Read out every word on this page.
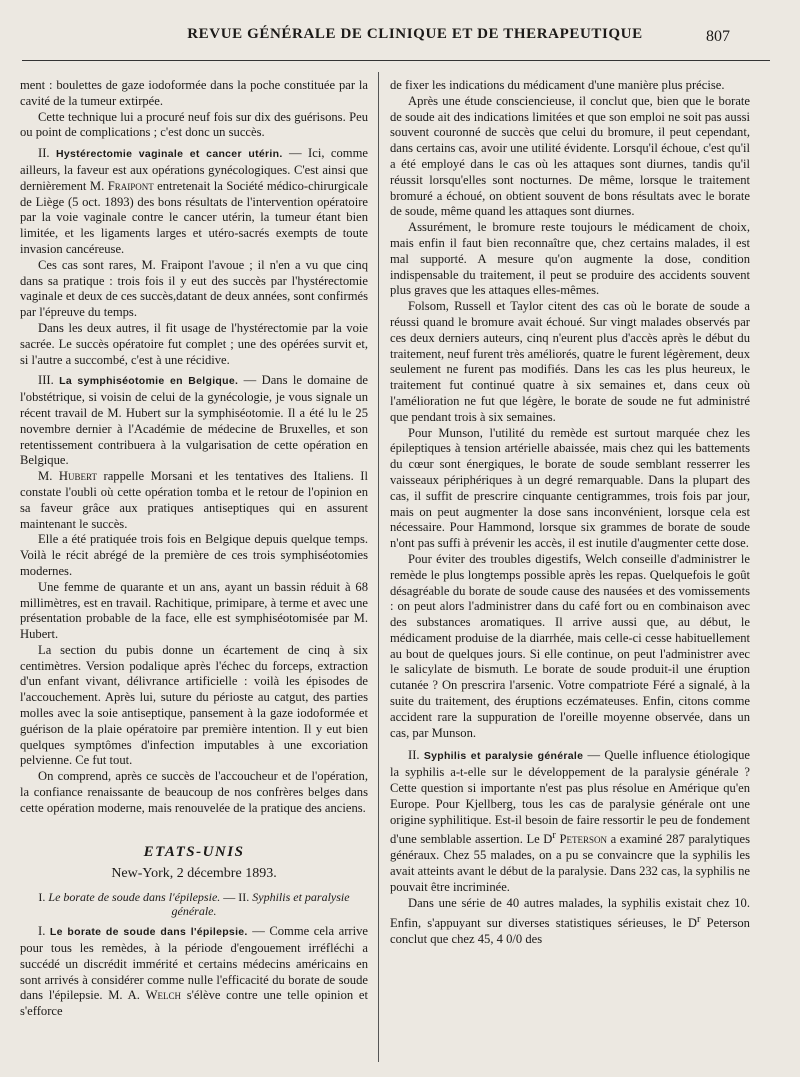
REVUE GÉNÉRALE DE CLINIQUE ET DE THERAPEUTIQUE	807

ment : boulettes de gaze iodoformée dans la poche constituée par la cavité de la tumeur extirpée.

Cette technique lui a procuré neuf fois sur dix des guérisons. Peu ou point de complications ; c'est donc un succès.

II. Hystérectomie vaginale et cancer utérin. — Ici, comme ailleurs, la faveur est aux opérations gynécologiques. C'est ainsi que dernièrement M. Fraipont entretenait la Société médico-chirurgicale de Liège (5 oct. 1893) des bons résultats de l'intervention opératoire par la voie vaginale contre le cancer utérin, la tumeur étant bien limitée, et les ligaments larges et utéro-sacrés exempts de toute invasion cancéreuse.

Ces cas sont rares, M. Fraipont l'avoue ; il n'en a vu que cinq dans sa pratique : trois fois il y eut des succès par l'hystérectomie vaginale et deux de ces succès,datant de deux années, sont confirmés par l'épreuve du temps.

Dans les deux autres, il fit usage de l'hystérectomie par la voie sacrée. Le succès opératoire fut complet ; une des opérées survit et, si l'autre a succombé, c'est à une récidive.

III. La symphiséotomie en Belgique. — Dans le domaine de l'obstétrique, si voisin de celui de la gynécologie, je vous signale un récent travail de M. Hubert sur la symphiséotomie. Il a été lu le 25 novembre dernier à l'Académie de médecine de Bruxelles, et son retentissement contribuera à la vulgarisation de cette opération en Belgique.

M. Hubert rappelle Morsani et les tentatives des Italiens. Il constate l'oubli où cette opération tomba et le retour de l'opinion en sa faveur grâce aux pratiques antiseptiques qui en assurent maintenant le succès.

Elle a été pratiquée trois fois en Belgique depuis quelque temps. Voilà le récit abrégé de la première de ces trois symphiséotomies modernes.

Une femme de quarante et un ans, ayant un bassin réduit à 68 millimètres, est en travail. Rachitique, primipare, à terme et avec une présentation probable de la face, elle est symphiséotomisée par M. Hubert.

La section du pubis donne un écartement de cinq à six centimètres. Version podalique après l'échec du forceps, extraction d'un enfant vivant, délivrance artificielle : voilà les épisodes de l'accouchement. Après lui, suture du périoste au catgut, des parties molles avec la soie antiseptique, pansement à la gaze iodoformée et guérison de la plaie opératoire par première intention. Il y eut bien quelques symptômes d'infection imputables à une excoriation pelvienne. Ce fut tout.

On comprend, après ce succès de l'accoucheur et de l'opération, la confiance renaissante de beaucoup de nos confrères belges dans cette opération moderne, mais renouvelée de la pratique des anciens.

ETATS-UNIS
New-York, 2 décembre 1893.
I. Le borate de soude dans l'épilepsie. — II. Syphilis et paralysie générale.

I. Le borate de soude dans l'épilepsie. — Comme cela arrive pour tous les remèdes, à la période d'engouement irréfléchi a succédé un discrédit immérité et certains médecins américains en sont arrivés à considérer comme nulle l'efficacité du borate de soude dans l'épilepsie. M. A. Welch s'élève contre une telle opinion et s'efforce

de fixer les indications du médicament d'une manière plus précise.

Après une étude consciencieuse, il conclut que, bien que le borate de soude ait des indications limitées et que son emploi ne soit pas aussi souvent couronné de succès que celui du bromure, il peut cependant, dans certains cas, avoir une utilité évidente. Lorsqu'il échoue, c'est qu'il a été employé dans le cas où les attaques sont diurnes, tandis qu'il réussit lorsqu'elles sont nocturnes. De même, lorsque le traitement bromuré a échoué, on obtient souvent de bons résultats avec le borate de soude, même quand les attaques sont diurnes.

Assurément, le bromure reste toujours le médicament de choix, mais enfin il faut bien reconnaître que, chez certains malades, il est mal supporté. A mesure qu'on augmente la dose, condition indispensable du traitement, il peut se produire des accidents souvent plus graves que les attaques elles-mêmes.

Folsom, Russell et Taylor citent des cas où le borate de soude a réussi quand le bromure avait échoué. Sur vingt malades observés par ces deux derniers auteurs, cinq n'eurent plus d'accès après le début du traitement, neuf furent très améliorés, quatre le furent légèrement, deux seulement ne furent pas modifiés. Dans les cas les plus heureux, le traitement fut continué quatre à six semaines et, dans ceux où l'amélioration ne fut que légère, le borate de soude ne fut administré que pendant trois à six semaines.

Pour Munson, l'utilité du remède est surtout marquée chez les épileptiques à tension artérielle abaissée, mais chez qui les battements du cœur sont énergiques, le borate de soude semblant resserrer les vaisseaux périphériques à un degré remarquable. Dans la plupart des cas, il suffit de prescrire cinquante centigrammes, trois fois par jour, mais on peut augmenter la dose sans inconvénient, lorsque cela est nécessaire. Pour Hammond, lorsque six grammes de borate de soude n'ont pas suffi à prévenir les accès, il est inutile d'augmenter cette dose.

Pour éviter des troubles digestifs, Welch conseille d'administrer le remède le plus longtemps possible après les repas. Quelquefois le goût désagréable du borate de soude cause des nausées et des vomissements : on peut alors l'administrer dans du café fort ou en combinaison avec des substances aromatiques. Il arrive aussi que, au début, le médicament produise de la diarrhée, mais celle-ci cesse habituellement au bout de quelques jours. Si elle continue, on peut l'administrer avec le salicylate de bismuth. Le borate de soude produit-il une éruption cutanée ? On prescrira l'arsenic. Votre compatriote Féré a signalé, à la suite du traitement, des éruptions eczémateuses. Enfin, citons comme accident rare la suppuration de l'oreille moyenne observée, dans un cas, par Munson.

II. Syphilis et paralysie générale — Quelle influence étiologique la syphilis a-t-elle sur le développement de la paralysie générale ? Cette question si importante n'est pas plus résolue en Amérique qu'en Europe. Pour Kjellberg, tous les cas de paralysie générale ont une origine syphilitique. Est-il besoin de faire ressortir le peu de fondement d'une semblable assertion. Le $D^r$ Peterson a examiné 287 paralytiques généraux. Chez 55 malades, on a pu se convaincre que la syphilis les avait atteints avant le début de la paralysie. Dans 232 cas, la syphilis ne pouvait être incriminée.

Dans une série de 40 autres malades, la syphilis existait chez 10. Enfin, s'appuyant sur diverses statistiques sérieuses, le $D^r$ Peterson conclut que chez 45, 4 0/0 des
